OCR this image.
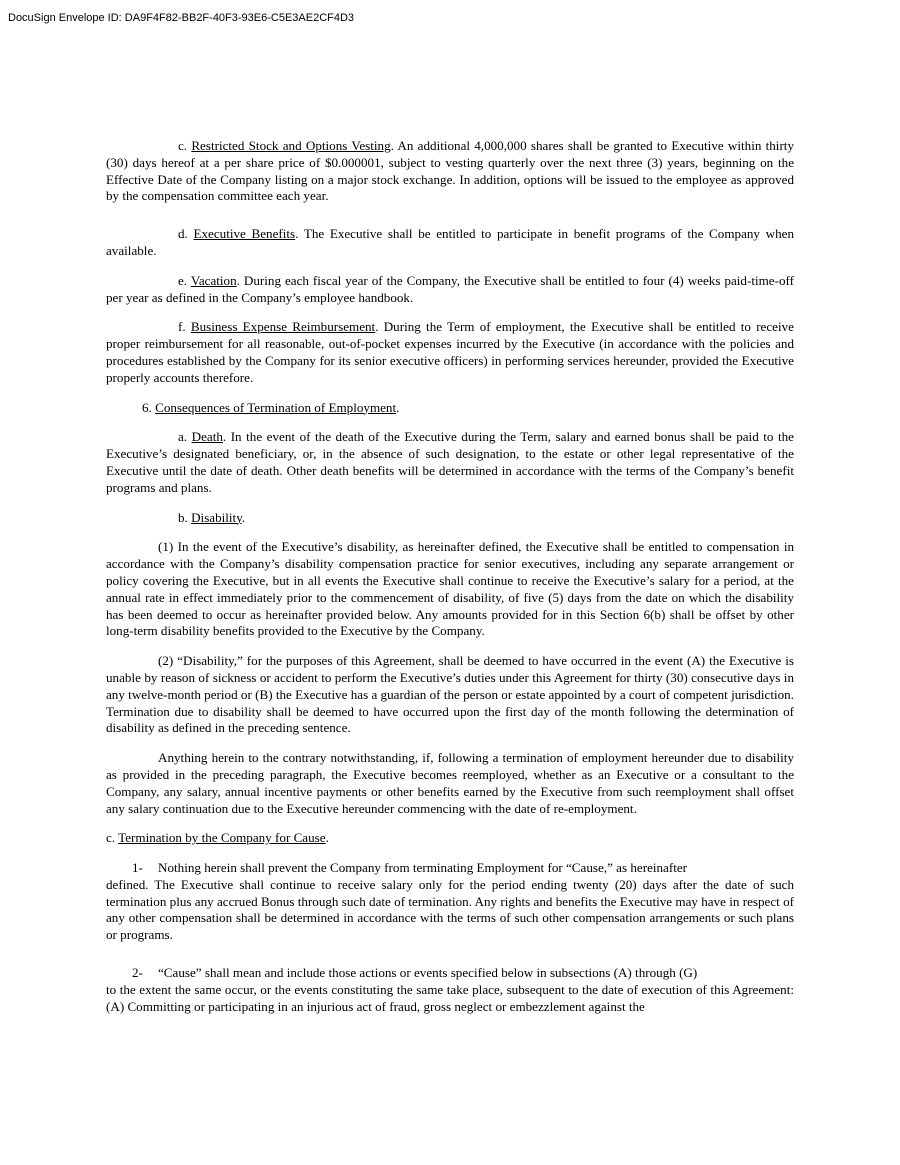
DocuSign Envelope ID: DA9F4F82-BB2F-40F3-93E6-C5E3AE2CF4D3

c. Restricted Stock and Options Vesting. An additional 4,000,000 shares shall be granted to Executive within thirty (30) days hereof at a per share price of $0.000001, subject to vesting quarterly over the next three (3) years, beginning on the Effective Date of the Company listing on a major stock exchange. In addition, options will be issued to the employee as approved by the compensation committee each year.

d. Executive Benefits. The Executive shall be entitled to participate in benefit programs of the Company when available.

e. Vacation. During each fiscal year of the Company, the Executive shall be entitled to four (4) weeks paid-time-off per year as defined in the Company’s employee handbook.

f. Business Expense Reimbursement. During the Term of employment, the Executive shall be entitled to receive proper reimbursement for all reasonable, out-of-pocket expenses incurred by the Executive (in accordance with the policies and procedures established by the Company for its senior executive officers) in performing services hereunder, provided the Executive properly accounts therefore.

6. Consequences of Termination of Employment.

a. Death. In the event of the death of the Executive during the Term, salary and earned bonus shall be paid to the Executive’s designated beneficiary, or, in the absence of such designation, to the estate or other legal representative of the Executive until the date of death. Other death benefits will be determined in accordance with the terms of the Company’s benefit programs and plans.

b. Disability.

(1) In the event of the Executive’s disability, as hereinafter defined, the Executive shall be entitled to compensation in accordance with the Company’s disability compensation practice for senior executives, including any separate arrangement or policy covering the Executive, but in all events the Executive shall continue to receive the Executive’s salary for a period, at the annual rate in effect immediately prior to the commencement of disability, of five (5) days from the date on which the disability has been deemed to occur as hereinafter provided below. Any amounts provided for in this Section 6(b) shall be offset by other long-term disability benefits provided to the Executive by the Company.

(2) “Disability,” for the purposes of this Agreement, shall be deemed to have occurred in the event (A) the Executive is unable by reason of sickness or accident to perform the Executive’s duties under this Agreement for thirty (30) consecutive days in any twelve-month period or (B) the Executive has a guardian of the person or estate appointed by a court of competent jurisdiction. Termination due to disability shall be deemed to have occurred upon the first day of the month following the determination of disability as defined in the preceding sentence.

Anything herein to the contrary notwithstanding, if, following a termination of employment hereunder due to disability as provided in the preceding paragraph, the Executive becomes reemployed, whether as an Executive or a consultant to the Company, any salary, annual incentive payments or other benefits earned by the Executive from such reemployment shall offset any salary continuation due to the Executive hereunder commencing with the date of re-employment.

c. Termination by the Company for Cause.

1- Nothing herein shall prevent the Company from terminating Employment for “Cause,” as hereinafter

defined. The Executive shall continue to receive salary only for the period ending twenty (20) days after the date of such termination plus any accrued Bonus through such date of termination. Any rights and benefits the Executive may have in respect of any other compensation shall be determined in accordance with the terms of such other compensation arrangements or such plans or programs.

2- “Cause” shall mean and include those actions or events specified below in subsections (A) through (G)

to the extent the same occur, or the events constituting the same take place, subsequent to the date of execution of this Agreement: (A) Committing or participating in an injurious act of fraud, gross neglect or embezzlement against the
